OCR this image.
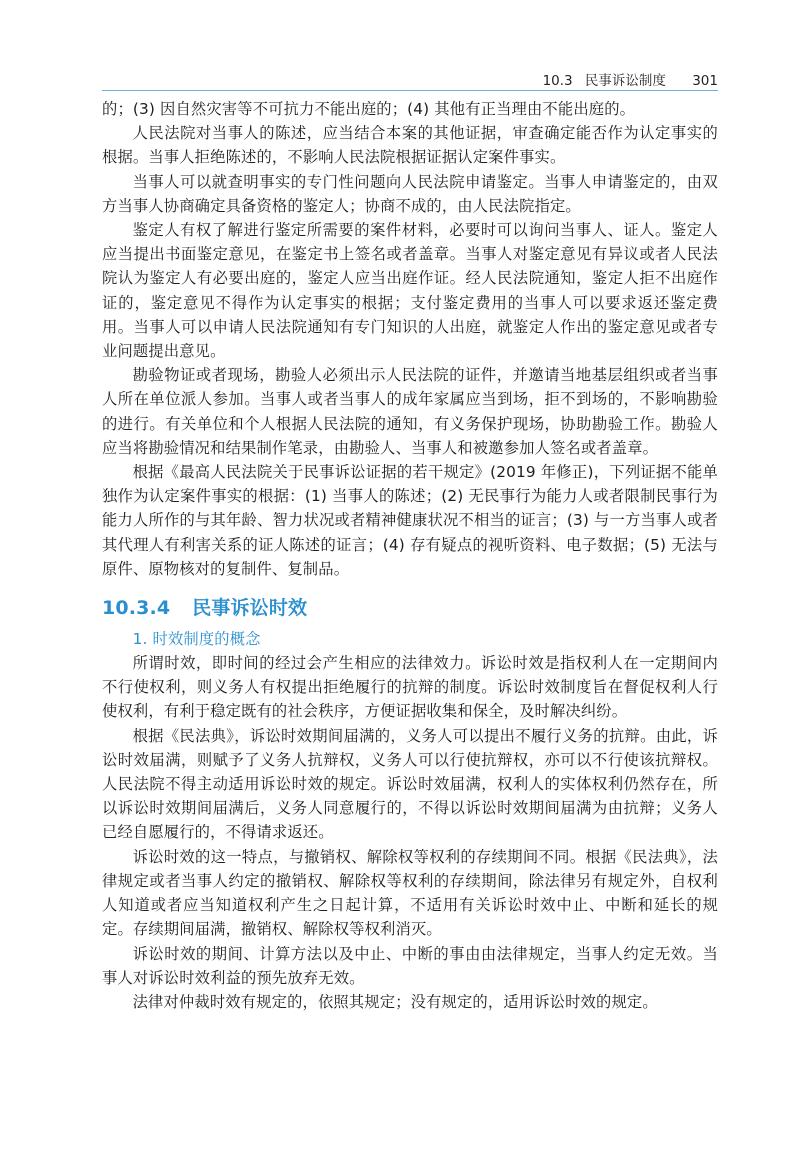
10.3 民事诉讼制度 301

的；(3) 因自然灾害等不可抗力不能出庭的；(4) 其他有正当理由不能出庭的。

人民法院对当事人的陈述，应当结合本案的其他证据，审查确定能否作为认定事实的根据。当事人拒绝陈述的，不影响人民法院根据证据认定案件事实。

当事人可以就查明事实的专门性问题向人民法院申请鉴定。当事人申请鉴定的，由双方当事人协商确定具备资格的鉴定人；协商不成的，由人民法院指定。

鉴定人有权了解进行鉴定所需要的案件材料，必要时可以询问当事人、证人。鉴定人应当提出书面鉴定意见，在鉴定书上签名或者盖章。当事人对鉴定意见有异议或者人民法院认为鉴定人有必要出庭的，鉴定人应当出庭作证。经人民法院通知，鉴定人拒不出庭作证的，鉴定意见不得作为认定事实的根据；支付鉴定费用的当事人可以要求返还鉴定费用。当事人可以申请人民法院通知有专门知识的人出庭，就鉴定人作出的鉴定意见或者专业问题提出意见。

勘验物证或者现场，勘验人必须出示人民法院的证件，并邀请当地基层组织或者当事人所在单位派人参加。当事人或者当事人的成年家属应当到场，拒不到场的，不影响勘验的进行。有关单位和个人根据人民法院的通知，有义务保护现场，协助勘验工作。勘验人应当将勘验情况和结果制作笔录，由勘验人、当事人和被邀参加人签名或者盖章。

根据《最高人民法院关于民事诉讼证据的若干规定》(2019 年修正)，下列证据不能单独作为认定案件事实的根据：(1) 当事人的陈述；(2) 无民事行为能力人或者限制民事行为能力人所作的与其年龄、智力状况或者精神健康状况不相当的证言；(3) 与一方当事人或者其代理人有利害关系的证人陈述的证言；(4) 存有疑点的视听资料、电子数据；(5) 无法与原件、原物核对的复制件、复制品。

10.3.4 民事诉讼时效
1. 时效制度的概念

所谓时效，即时间的经过会产生相应的法律效力。诉讼时效是指权利人在一定期间内不行使权利，则义务人有权提出拒绝履行的抗辩的制度。诉讼时效制度旨在督促权利人行使权利，有利于稳定既有的社会秩序，方便证据收集和保全，及时解决纠纷。

根据《民法典》，诉讼时效期间届满的，义务人可以提出不履行义务的抗辩。由此，诉讼时效届满，则赋予了义务人抗辩权，义务人可以行使抗辩权，亦可以不行使该抗辩权。人民法院不得主动适用诉讼时效的规定。诉讼时效届满，权利人的实体权利仍然存在，所以诉讼时效期间届满后，义务人同意履行的，不得以诉讼时效期间届满为由抗辩；义务人已经自愿履行的，不得请求返还。

诉讼时效的这一特点，与撤销权、解除权等权利的存续期间不同。根据《民法典》，法律规定或者当事人约定的撤销权、解除权等权利的存续期间，除法律另有规定外，自权利人知道或者应当知道权利产生之日起计算，不适用有关诉讼时效中止、中断和延长的规定。存续期间届满，撤销权、解除权等权利消灭。

诉讼时效的期间、计算方法以及中止、中断的事由由法律规定，当事人约定无效。当事人对诉讼时效利益的预先放弃无效。

法律对仲裁时效有规定的，依照其规定；没有规定的，适用诉讼时效的规定。
